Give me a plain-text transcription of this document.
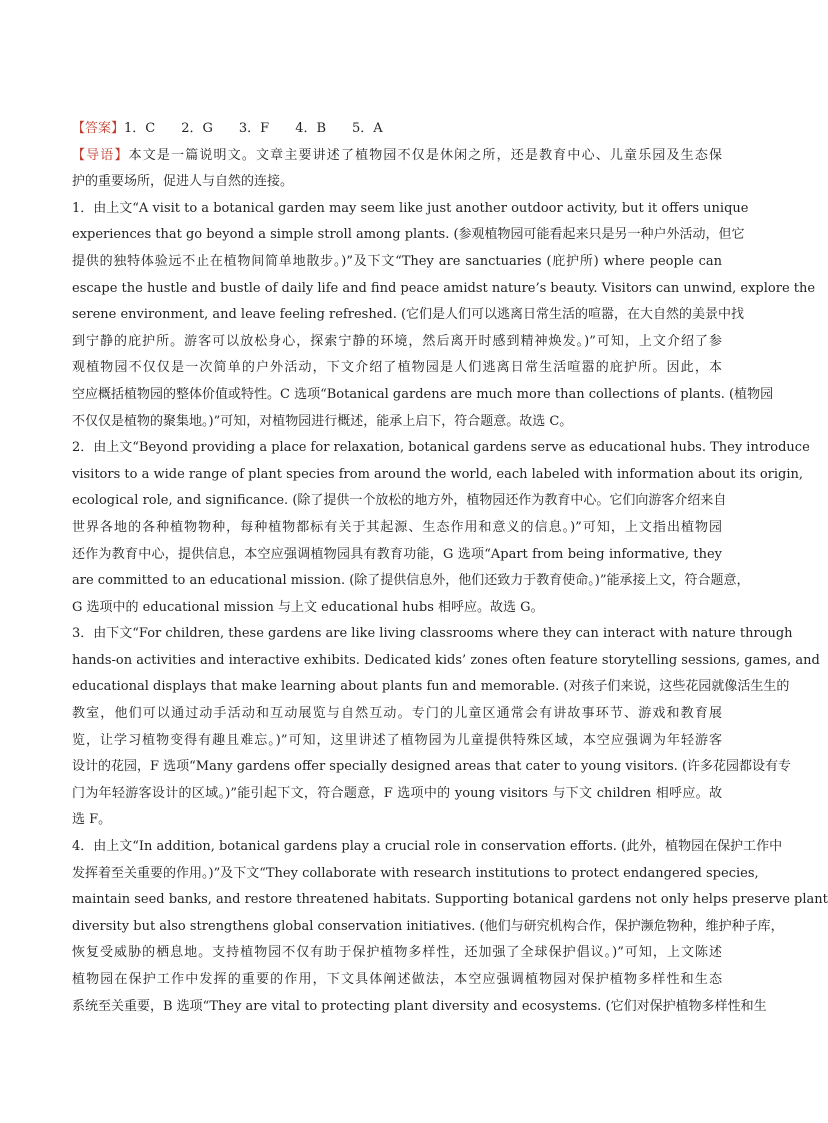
【答案】1．C 2．G 3．F 4．B 5．A
【导语】本文是一篇说明文。文章主要讲述了植物园不仅是休闲之所，还是教育中心、儿童乐园及生态保
护的重要场所，促进人与自然的连接。
1．由上文“A visit to a botanical garden may seem like just another outdoor activity, but it offers unique
experiences that go beyond a simple stroll among plants. (参观植物园可能看起来只是另一种户外活动，但它
提供的独特体验远不止在植物间简单地散步。)”及下文“They are sanctuaries (庇护所) where people can
escape the hustle and bustle of daily life and find peace amidst nature’s beauty. Visitors can unwind, explore the
serene environment, and leave feeling refreshed. (它们是人们可以逃离日常生活的喧嚣，在大自然的美景中找
到宁静的庇护所。游客可以放松身心，探索宁静的环境，然后离开时感到精神焕发。)”可知，上文介绍了参
观植物园不仅仅是一次简单的户外活动，下文介绍了植物园是人们逃离日常生活喧嚣的庇护所。因此，本
空应概括植物园的整体价值或特性。C 选项“Botanical gardens are much more than collections of plants. (植物园
不仅仅是植物的聚集地。)”可知，对植物园进行概述，能承上启下，符合题意。故选 C。
2．由上文“Beyond providing a place for relaxation, botanical gardens serve as educational hubs. They introduce
visitors to a wide range of plant species from around the world, each labeled with information about its origin,
ecological role, and significance. (除了提供一个放松的地方外，植物园还作为教育中心。它们向游客介绍来自
世界各地的各种植物物种，每种植物都标有关于其起源、生态作用和意义的信息。)”可知，上文指出植物园
还作为教育中心，提供信息，本空应强调植物园具有教育功能，G 选项“Apart from being informative, they
are committed to an educational mission. (除了提供信息外，他们还致力于教育使命。)”能承接上文，符合题意，
G 选项中的 educational mission 与上文 educational hubs 相呼应。故选 G。
3．由下文“For children, these gardens are like living classrooms where they can interact with nature through
hands-on activities and interactive exhibits. Dedicated kids’ zones often feature storytelling sessions, games, and
educational displays that make learning about plants fun and memorable. (对孩子们来说，这些花园就像活生生的
教室，他们可以通过动手活动和互动展览与自然互动。专门的儿童区通常会有讲故事环节、游戏和教育展
览，让学习植物变得有趣且难忘。)”可知，这里讲述了植物园为儿童提供特殊区域，本空应强调为年轻游客
设计的花园，F 选项“Many gardens offer specially designed areas that cater to young visitors. (许多花园都设有专
门为年轻游客设计的区域。)”能引起下文，符合题意，F 选项中的 young visitors 与下文 children 相呼应。故
选 F。
4．由上文“In addition, botanical gardens play a crucial role in conservation efforts. (此外，植物园在保护工作中
发挥着至关重要的作用。)”及下文“They collaborate with research institutions to protect endangered species,
maintain seed banks, and restore threatened habitats. Supporting botanical gardens not only helps preserve plant
diversity but also strengthens global conservation initiatives. (他们与研究机构合作，保护濒危物种，维护种子库，
恢复受威胁的栖息地。支持植物园不仅有助于保护植物多样性，还加强了全球保护倡议。)”可知，上文陈述
植物园在保护工作中发挥的重要的作用，下文具体阐述做法，本空应强调植物园对保护植物多样性和生态
系统至关重要，B 选项“They are vital to protecting plant diversity and ecosystems. (它们对保护植物多样性和生
